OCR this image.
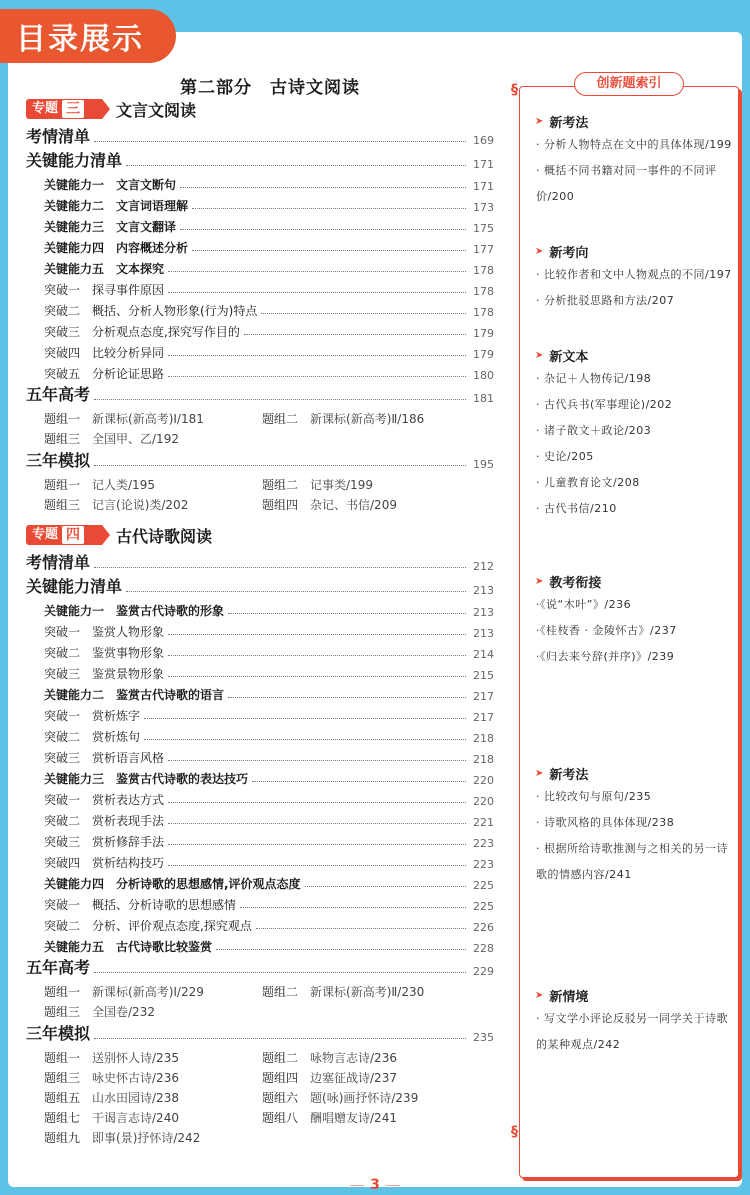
第二部分　古诗文阅读
专题 三 文言文阅读
考情清单	169
关键能力清单	171
关键能力一　文言文断句	171
关键能力二　文言词语理解	173
关键能力三　文言文翻译	175
关键能力四　内容概述分析	177
关键能力五　文本探究	178
突破一　探寻事件原因	178
突破二　概括、分析人物形象(行为)特点	178
突破三　分析观点态度,探究写作目的	179
突破四　比较分析异同	179
突破五　分析论证思路	180
五年高考	181
题组一 新课标(新高考)Ⅰ/181	题组二 新课标(新高考)Ⅱ/186
题组三 全国甲、乙/192
三年模拟	195
题组一 记人类/195	题组二 记事类/199
题组三 记言(论说)类/202	题组四 杂记、书信/209
专题 四 古代诗歌阅读
考情清单	212
关键能力清单	213
关键能力一　鉴赏古代诗歌的形象	213
突破一　鉴赏人物形象	213
突破二　鉴赏事物形象	214
突破三　鉴赏景物形象	215
关键能力二　鉴赏古代诗歌的语言	217
突破一　赏析炼字	217
突破二　赏析炼句	218
突破三　赏析语言风格	218
关键能力三　鉴赏古代诗歌的表达技巧	220
突破一　赏析表达方式	220
突破二　赏析表现手法	221
突破三　赏析修辞手法	223
突破四　赏析结构技巧	223
关键能力四　分析诗歌的思想感情,评价观点态度	225
突破一　概括、分析诗歌的思想感情	225
突破二　分析、评价观点态度,探究观点	226
关键能力五　古代诗歌比较鉴赏	228
五年高考	229
题组一 新课标(新高考)Ⅰ/229	题组二 新课标(新高考)Ⅱ/230
题组三 全国卷/232
三年模拟	235
题组一 送别怀人诗/235	题组二 咏物言志诗/236
题组三 咏史怀古诗/236	题组四 边塞征战诗/237
题组五 山水田园诗/238	题组六 题(咏)画抒怀诗/239
题组七 干谒言志诗/240	题组八 酬唱赠友诗/241
题组九 即事(景)抒怀诗/242
创新题索引
§
§
➤ 新考法
· 分析人物特点在文中的具体体现/199
· 概括不同书籍对同一事件的不同评价/200
➤ 新考向
· 比较作者和文中人物观点的不同/197
· 分析批驳思路和方法/207
➤ 新文本
· 杂记＋人物传记/198
· 古代兵书(军事理论)/202
· 诸子散文＋政论/203
· 史论/205
· 儿童教育论文/208
· 古代书信/210
➤ 教考衔接
·《说“木叶”》/236
·《桂枝香 · 金陵怀古》/237
·《归去来兮辞(并序)》/239
➤ 新考法
· 比较改句与原句/235
· 诗歌风格的具体体现/238
· 根据所给诗歌推测与之相关的另一诗歌的情感内容/241
➤ 新情境
· 写文学小评论反驳另一同学关于诗歌的某种观点/242
3
目录展示
